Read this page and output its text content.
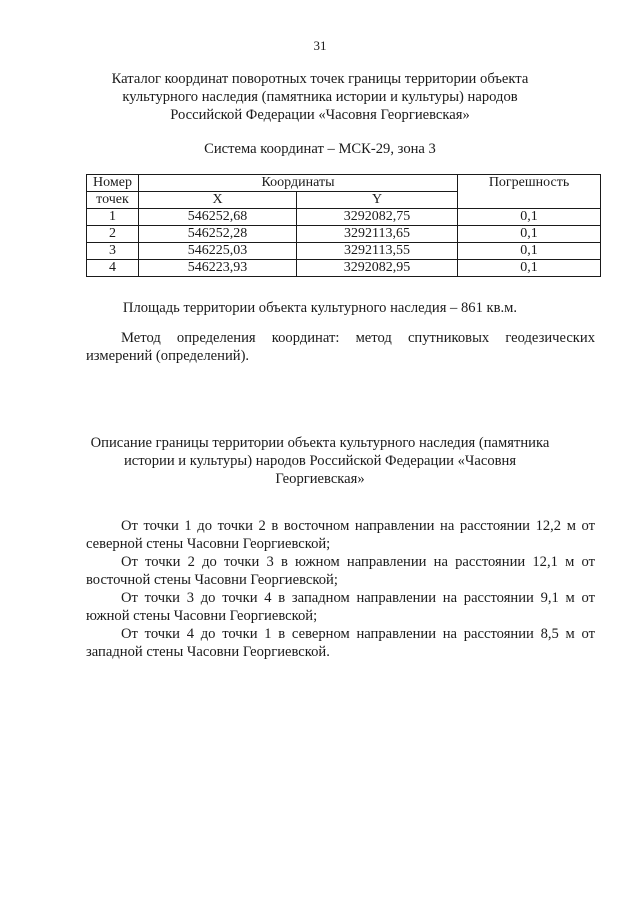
31
Каталог координат поворотных точек границы территории объекта культурного наследия (памятника истории и культуры) народов Российской Федерации «Часовня Георгиевская»
Система координат – МСК-29, зона 3
Номер	Координаты		Погрешность
точек	X	Y	
1	546252,68	3292082,75	0,1
2	546252,28	3292113,65	0,1
3	546225,03	3292113,55	0,1
4	546223,93	3292082,95	0,1
Площадь территории объекта культурного наследия – 861 кв.м.
Метод определения координат: метод спутниковых геодезических измерений (определений).
Описание границы территории объекта культурного наследия (памятника истории и культуры) народов Российской Федерации «Часовня Георгиевская»

От точки 1 до точки 2 в восточном направлении на расстоянии 12,2 м от северной стены Часовни Георгиевской;

От точки 2 до точки 3 в южном направлении на расстоянии 12,1 м от восточной стены Часовни Георгиевской;

От точки 3 до точки 4 в западном направлении на расстоянии 9,1 м от южной стены Часовни Георгиевской;

От точки 4 до точки 1 в северном направлении на расстоянии 8,5 м от западной стены Часовни Георгиевской.
